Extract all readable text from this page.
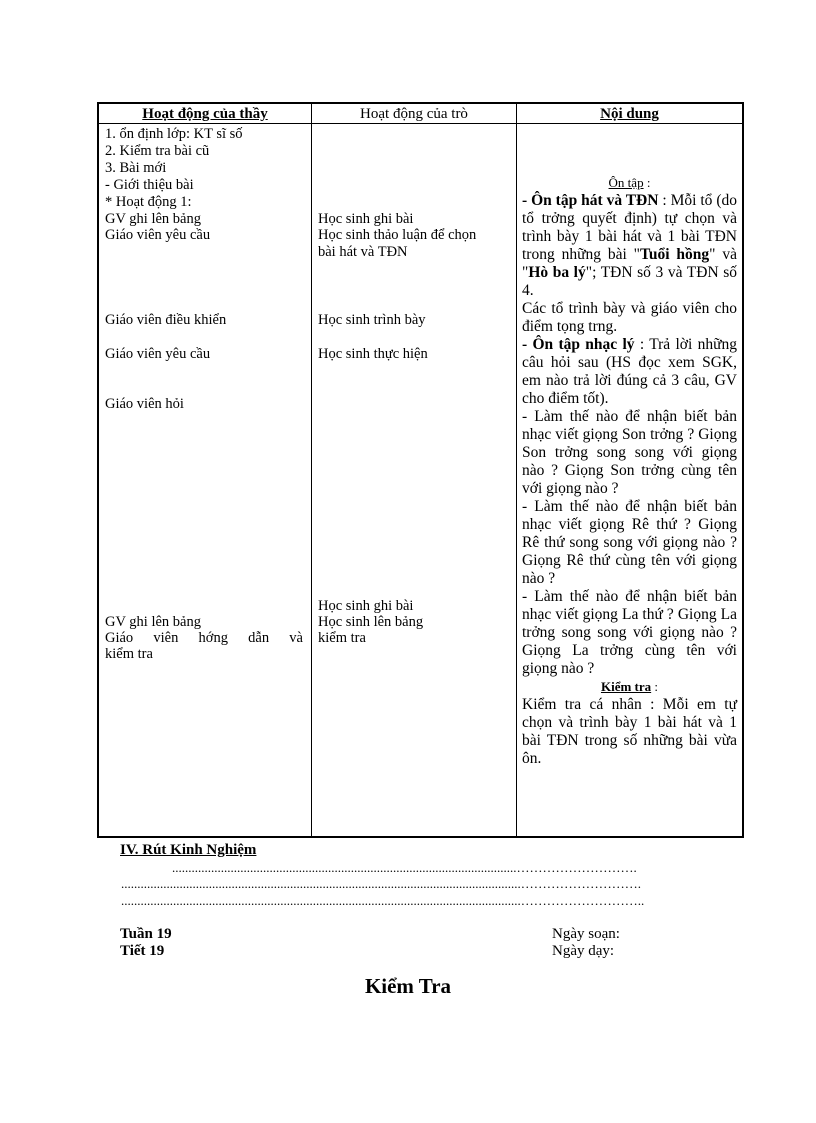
Hoạt động của thầy	Hoạt động của trò	Nội dung
1. ổn định lớp: KT sĩ số
2. Kiểm tra bài cũ
3. Bài mới
- Giới thiệu bài
* Hoạt động 1:
GV ghi lên bảng
Giáo viên yêu cầu
Giáo viên điều khiển
Giáo viên yêu cầu
Giáo viên hỏi
GV ghi lên bảng
Giáo viên hớng dẫn và
kiểm tra
Học sinh ghi bài
Học sinh thảo luận để chọn
bài hát và TĐN
Học sinh trình bày
Học sinh thực hiện
Học sinh ghi bài
Học sinh lên bảng
kiểm tra

Ôn tập :

- Ôn tập hát và TĐN : Mỗi tổ (do tổ trởng quyết định) tự chọn và trình bày 1 bài hát và 1 bài TĐN trong những bài "Tuổi hồng" và "Hò ba lý"; TĐN số 3 và TĐN số 4.

Các tổ trình bày và giáo viên cho điểm tọng trng.

- Ôn tập nhạc lý : Trả lời những câu hỏi sau (HS đọc xem SGK, em nào trả lời đúng cả 3 câu, GV cho điểm tốt).

- Làm thế nào để nhận biết bản nhạc viết giọng Son trởng ? Giọng Son trởng song song với giọng nào ? Giọng Son trởng cùng tên với giọng nào ?

- Làm thế nào để nhận biết bản nhạc viết giọng Rê thứ ? Giọng Rê thứ song song với giọng nào ? Giọng Rê thứ cùng tên với giọng nào ?

- Làm thế nào để nhận biết bản nhạc viết giọng La thứ ? Giọng La trởng song song với giọng nào ? Giọng La trởng cùng tên với giọng nào ?

Kiểm tra :

Kiểm tra cá nhân : Mỗi em tự chọn và trình bày 1 bài hát và 1 bài TĐN trong số những bài vừa ôn.

IV. Rút Kinh Nghiệm
..........................................................................................................……………………….
...........................................................................................................................……………………….
...........................................................................................................................………………………..
Tuần 19
Tiết 19
Ngày soạn:
Ngày dạy:
Kiểm Tra
